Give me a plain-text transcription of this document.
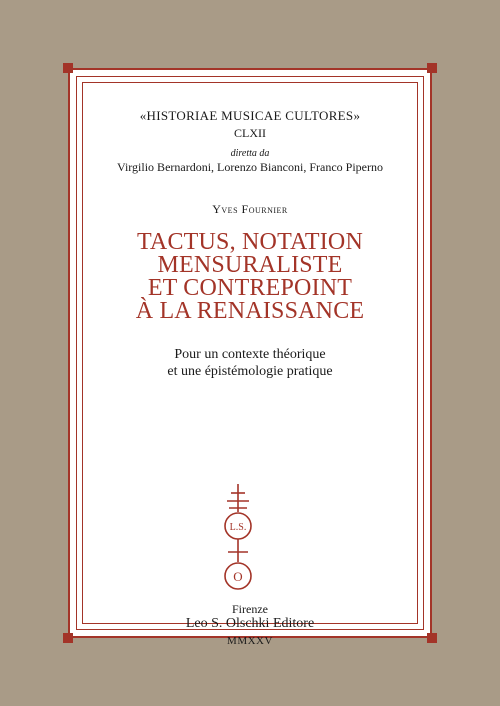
«HISTORIAE MUSICAE CULTORES»
CLXII
diretta da
Virgilio Bernardoni, Lorenzo Bianconi, Franco Piperno
Yves Fournier
TACTUS, NOTATION
MENSURALISTE
ET CONTREPOINT
À LA RENAISSANCE
Pour un contexte théorique
et une épistémologie pratique
L.S.
O
Firenze
Leo S. Olschki Editore
MMXXV
